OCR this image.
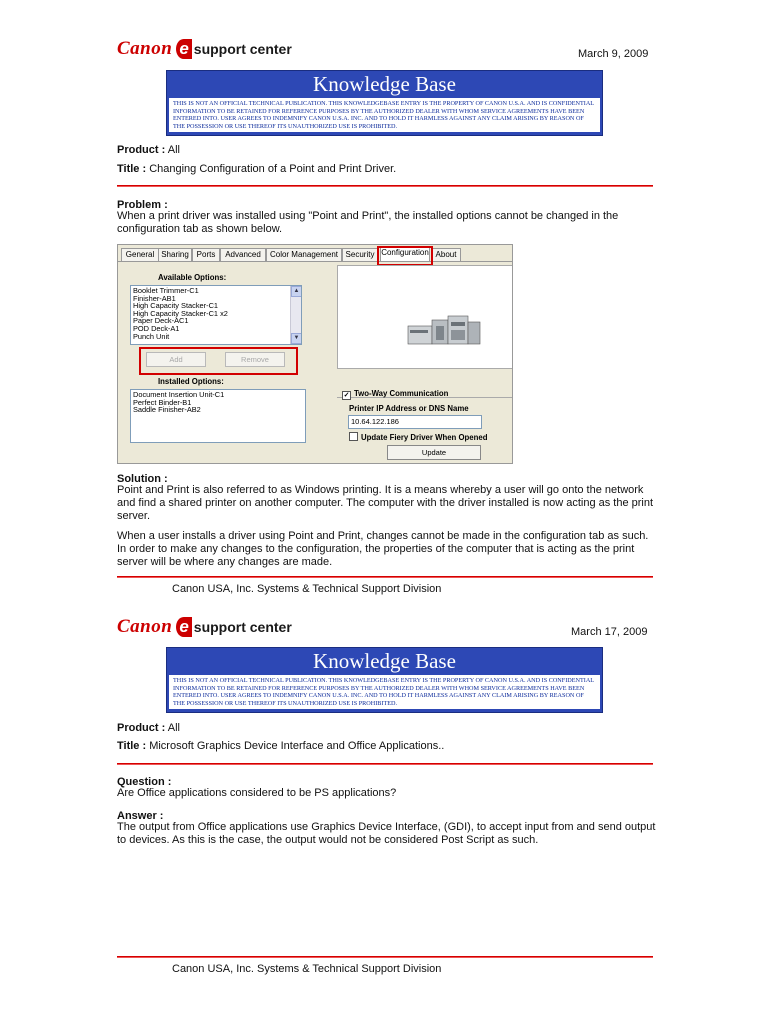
Canon e support center	March 9, 2009
Knowledge Base
THIS IS NOT AN OFFICIAL TECHNICAL PUBLICATION. THIS KNOWLEDGEBASE ENTRY IS THE PROPERTY OF CANON U.S.A. AND IS CONFIDENTIAL INFORMATION TO BE RETAINED FOR REFERENCE PURPOSES BY THE AUTHORIZED DEALER WITH WHOM SERVICE AGREEMENTS HAVE BEEN ENTERED INTO. USER AGREES TO INDEMNIFY CANON U.S.A. INC. AND TO HOLD IT HARMLESS AGAINST ANY CLAIM ARISING BY REASON OF THE POSSESSION OR USE THEREOF ITS UNAUTHORIZED USE IS PROHIBITED.
Product : All
Title : Changing Configuration of a Point and Print Driver.
Problem :
When a print driver was installed using "Point and Print", the installed options cannot be changed in the configuration tab as shown below.
General Sharing Ports	Advanced	Color Management Security Configuration About
Available Options:
Booklet Trimmer-C1
Finisher-AB1
High Capacity Stacker-C1
High Capacity Stacker-C1 x2
Paper Deck-AC1
POD Deck-A1
Punch Unit
▲
▼
Add	Remove
Installed Options:
Document Insertion Unit-C1
Perfect Binder-B1
Saddle Finisher-AB2
✓ Two-Way Communication
Printer IP Address or DNS Name
10.64.122.186
Update Fiery Driver When Opened
Update
Solution :
Point and Print is also referred to as Windows printing. It is a means whereby a user will go onto the network and find a shared printer on another computer. The computer with the driver installed is now acting as the print server.
When a user installs a driver using Point and Print, changes cannot be made in the configuration tab as such. In order to make any changes to the configuration, the properties of the computer that is acting as the print server will be where any changes are made.
Canon USA, Inc. Systems & Technical Support Division
Canon e support center	March 17, 2009
Knowledge Base
THIS IS NOT AN OFFICIAL TECHNICAL PUBLICATION. THIS KNOWLEDGEBASE ENTRY IS THE PROPERTY OF CANON U.S.A. AND IS CONFIDENTIAL INFORMATION TO BE RETAINED FOR REFERENCE PURPOSES BY THE AUTHORIZED DEALER WITH WHOM SERVICE AGREEMENTS HAVE BEEN ENTERED INTO. USER AGREES TO INDEMNIFY CANON U.S.A. INC. AND TO HOLD IT HARMLESS AGAINST ANY CLAIM ARISING BY REASON OF THE POSSESSION OR USE THEREOF ITS UNAUTHORIZED USE IS PROHIBITED.
Product : All
Title : Microsoft Graphics Device Interface and Office Applications..
Question :
Are Office applications considered to be PS applications?
Answer :
The output from Office applications use Graphics Device Interface, (GDI), to accept input from and send output to devices. As this is the case, the output would not be considered Post Script as such.
Canon USA, Inc. Systems & Technical Support Division
